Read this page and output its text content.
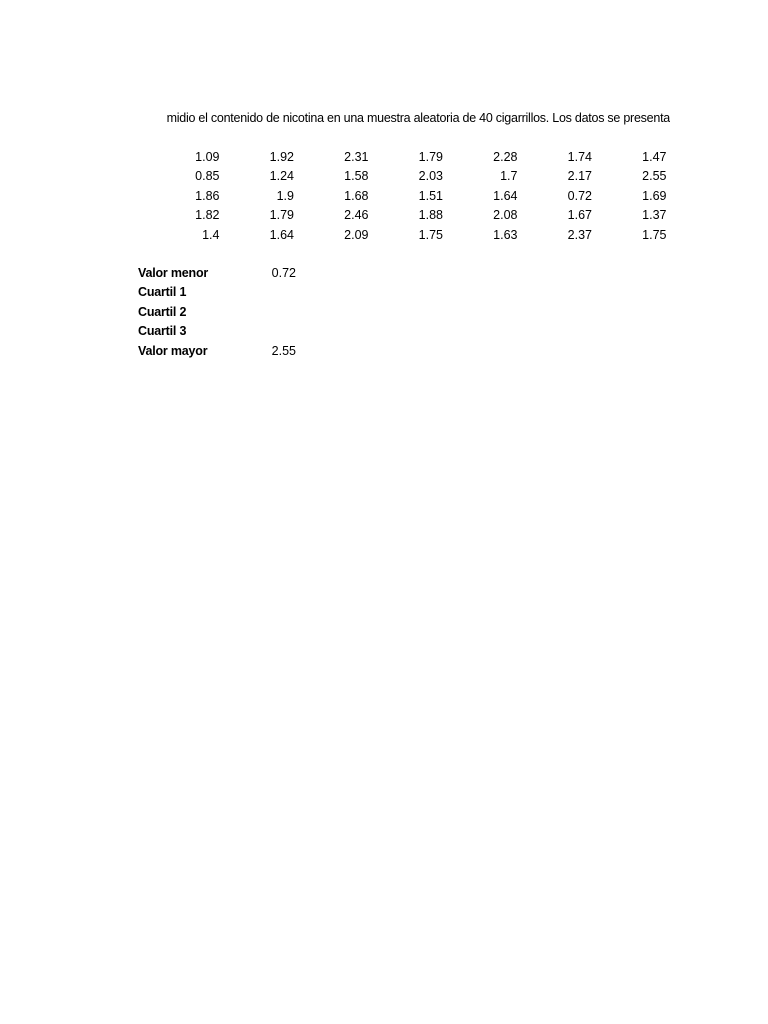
midio el contenido de nicotina en una muestra aleatoria de 40 cigarrillos. Los datos se presenta
1.09	1.92	2.31	1.79	2.28	1.74	1.47
0.85	1.24	1.58	2.03	1.7	2.17	2.55
1.86	1.9	1.68	1.51	1.64	0.72	1.69
1.82	1.79	2.46	1.88	2.08	1.67	1.37
1.4	1.64	2.09	1.75	1.63	2.37	1.75
Valor menor	0.72
Cuartil 1	
Cuartil 2	
Cuartil 3	
Valor mayor	2.55
